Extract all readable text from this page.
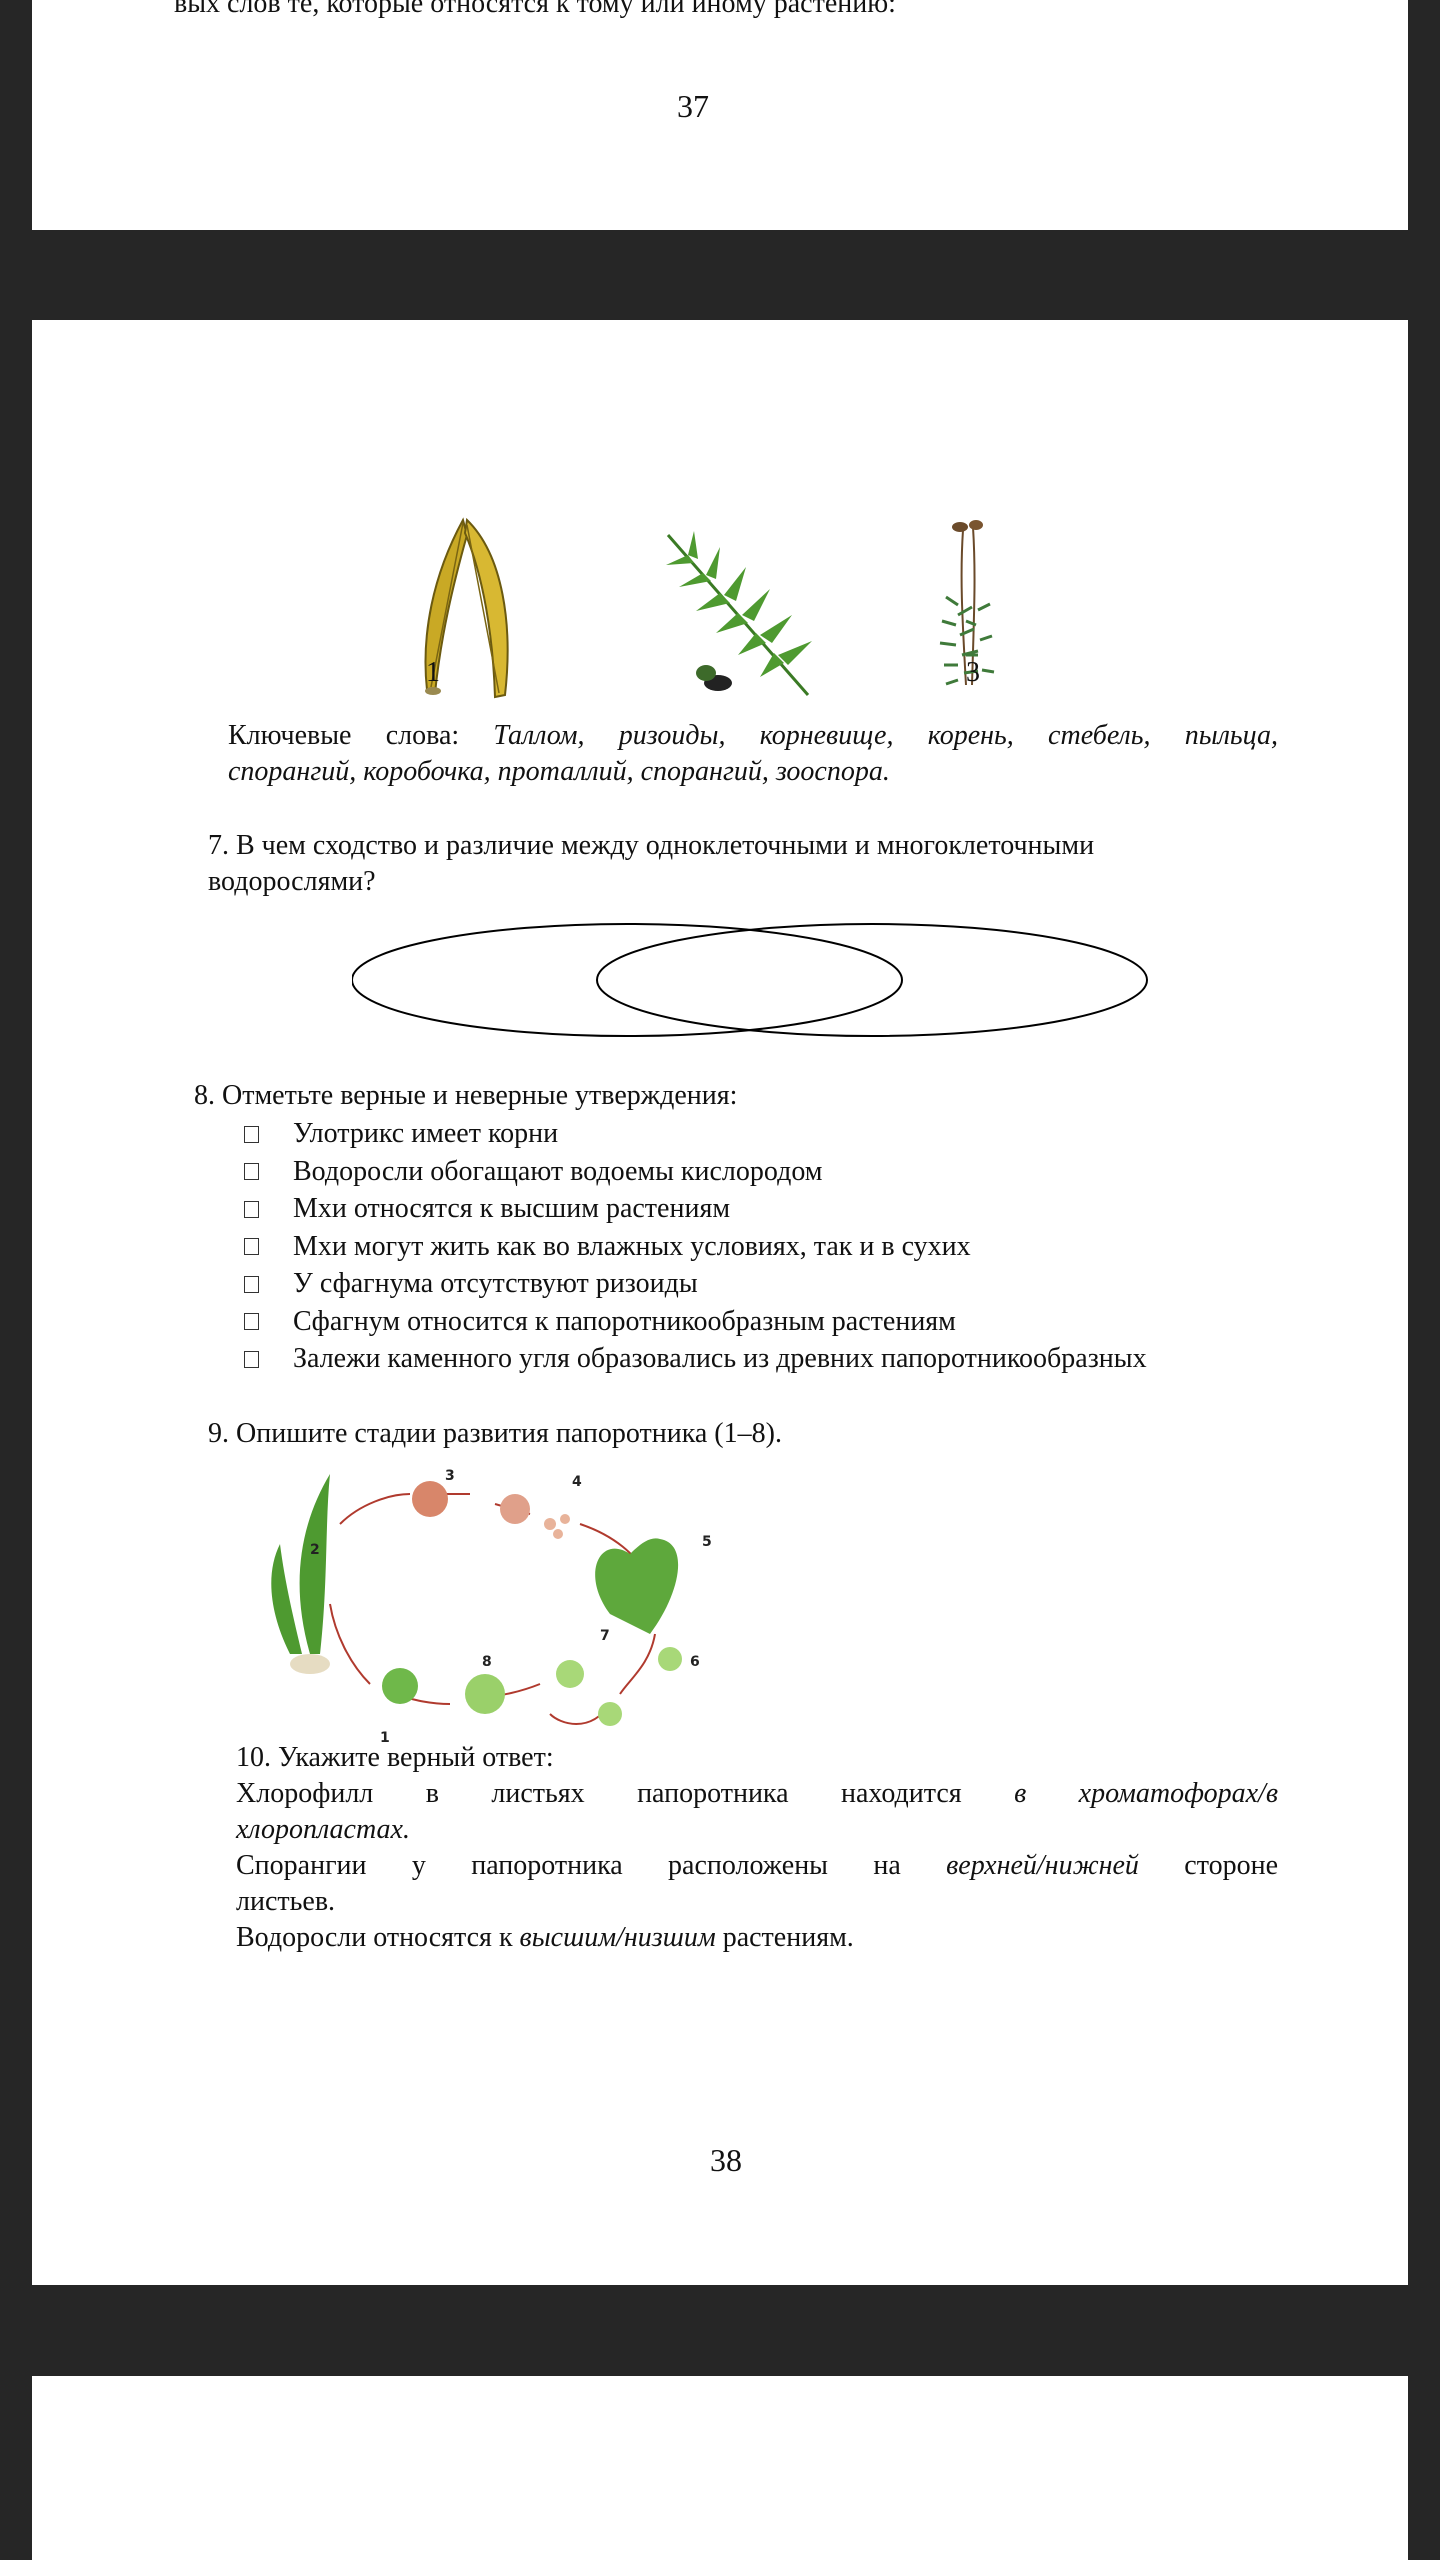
вых слов те, которые относятся к тому или иному растению:
37
1	3
Ключевые слова: Таллом, ризоиды, корневище, корень, стебель, пыльца,
спорангий, коробочка, проталлий, спорангий, зооспора.
7. В чем сходство и различие между одноклеточными и многоклеточными
водорослями?
8. Отметьте верные и неверные утверждения:
Улотрикс имеет корни
Водоросли обогащают водоемы кислородом
Мхи относятся к высшим растениям
Мхи могут жить как во влажных условиях, так и в сухих
У сфагнума отсутствуют ризоиды
Сфагнум относится к папоротникообразным растениям
Залежи каменного угля образовались из древних папоротникообразных
9. Опишите стадии развития папоротника (1–8).
1
2
3	4
5
6
7
8
10. Укажите верный ответ:
Хлорофилл в листьях папоротника находится в хроматофорах/в
хлоропластах.
Спорангии у папоротника расположены на верхней/нижней стороне
листьев.
Водоросли относятся к высшим/низшим растениям.
38
